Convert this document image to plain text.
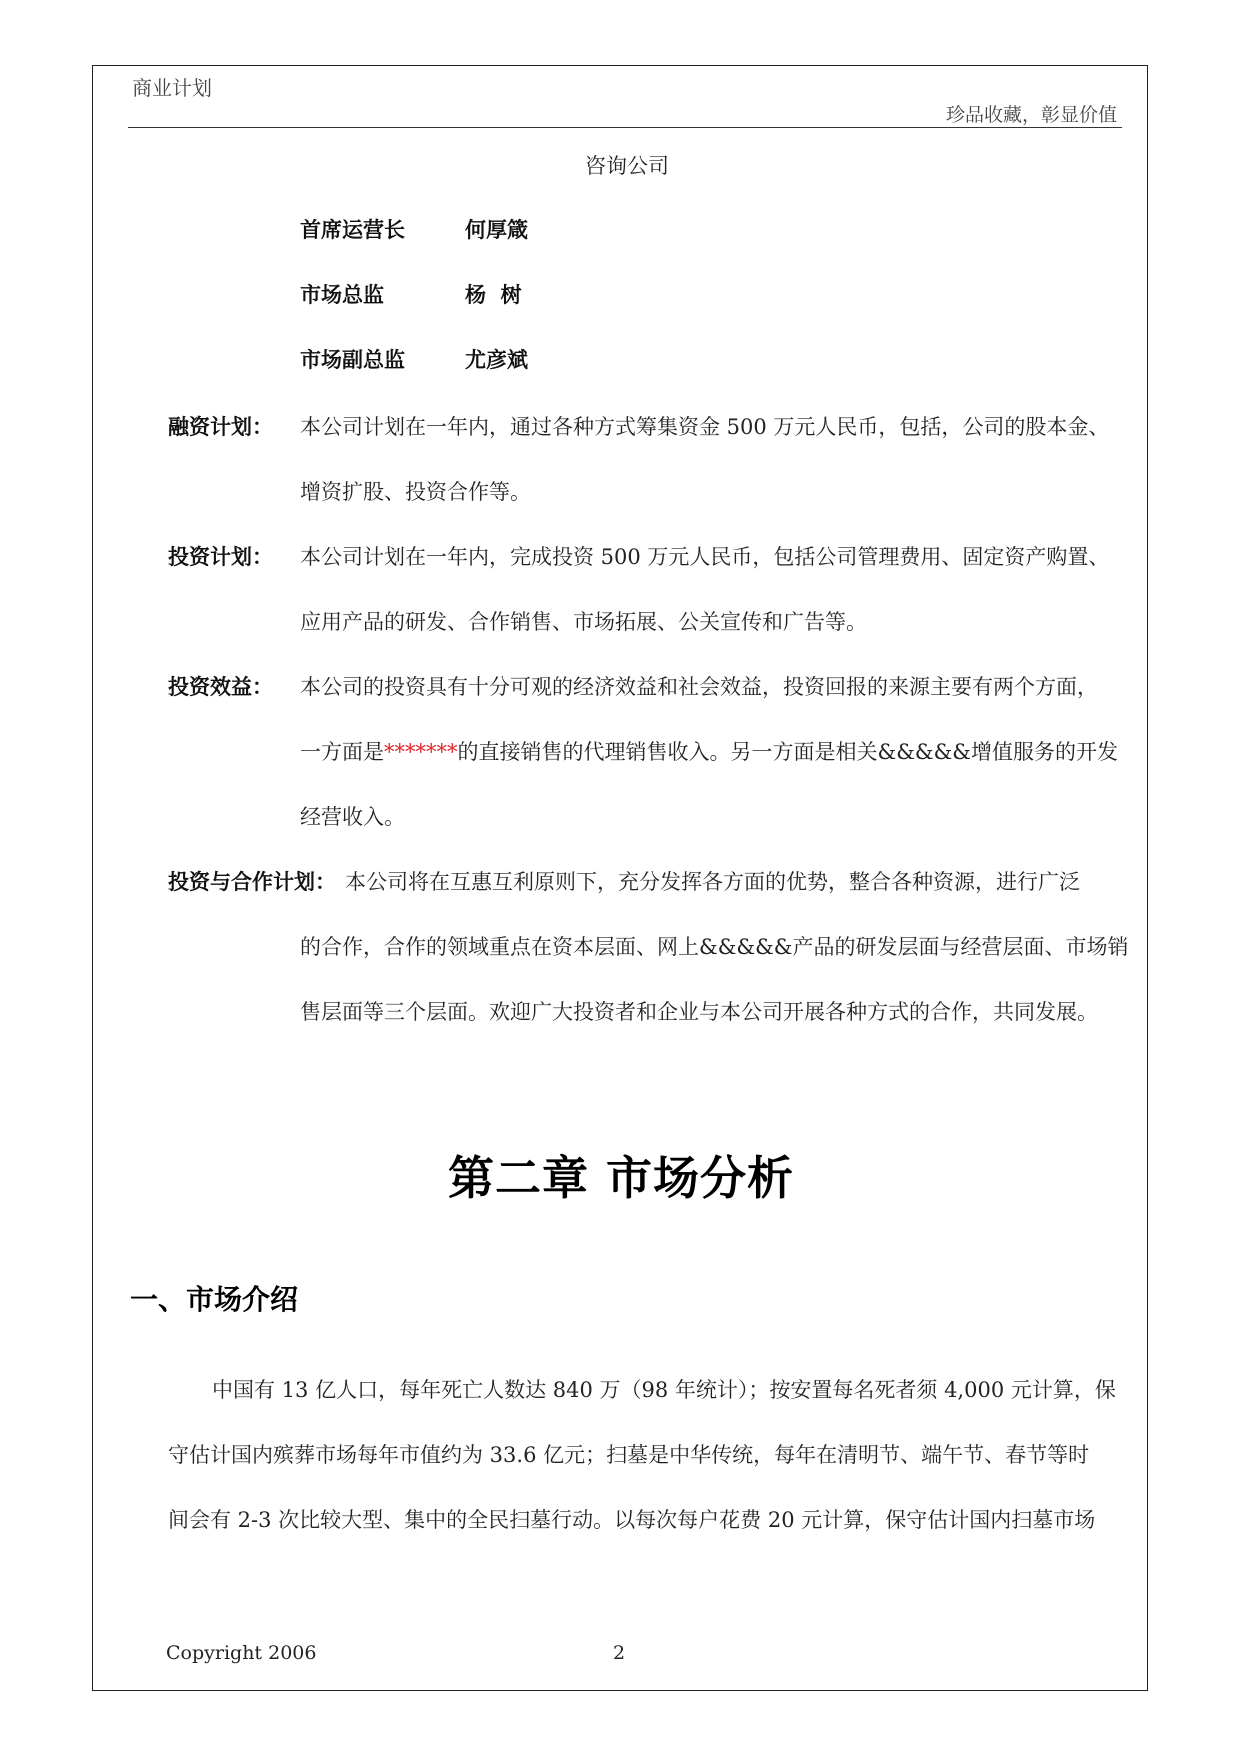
商业计划
珍品收藏，彰显价值
咨询公司
首席运营长	何厚箴
市场总监	杨  树
市场副总监	尤彦斌
融资计划： 本公司计划在一年内，通过各种方式筹集资金 500 万元人民币，包括，公司的股本金、
增资扩股、投资合作等。
投资计划： 本公司计划在一年内，完成投资 500 万元人民币，包括公司管理费用、固定资产购置、
应用产品的研发、合作销售、市场拓展、公关宣传和广告等。
投资效益： 本公司的投资具有十分可观的经济效益和社会效益，投资回报的来源主要有两个方面，
一方面是*******的直接销售的代理销售收入。另一方面是相关&&&&&增值服务的开发
经营收入。
投资与合作计划： 本公司将在互惠互利原则下，充分发挥各方面的优势，整合各种资源，进行广泛
的合作，合作的领域重点在资本层面、网上&&&&&产品的研发层面与经营层面、市场销
售层面等三个层面。欢迎广大投资者和企业与本公司开展各种方式的合作，共同发展。
第二章 市场分析
一、市场介绍
中国有 13 亿人口，每年死亡人数达 840 万（98 年统计）；按安置每名死者须 4,000 元计算，保
守估计国内殡葬市场每年市值约为 33.6 亿元；扫墓是中华传统，每年在清明节、端午节、春节等时
间会有 2-3 次比较大型、集中的全民扫墓行动。以每次每户花费 20 元计算，保守估计国内扫墓市场
Copyright 2006	2
